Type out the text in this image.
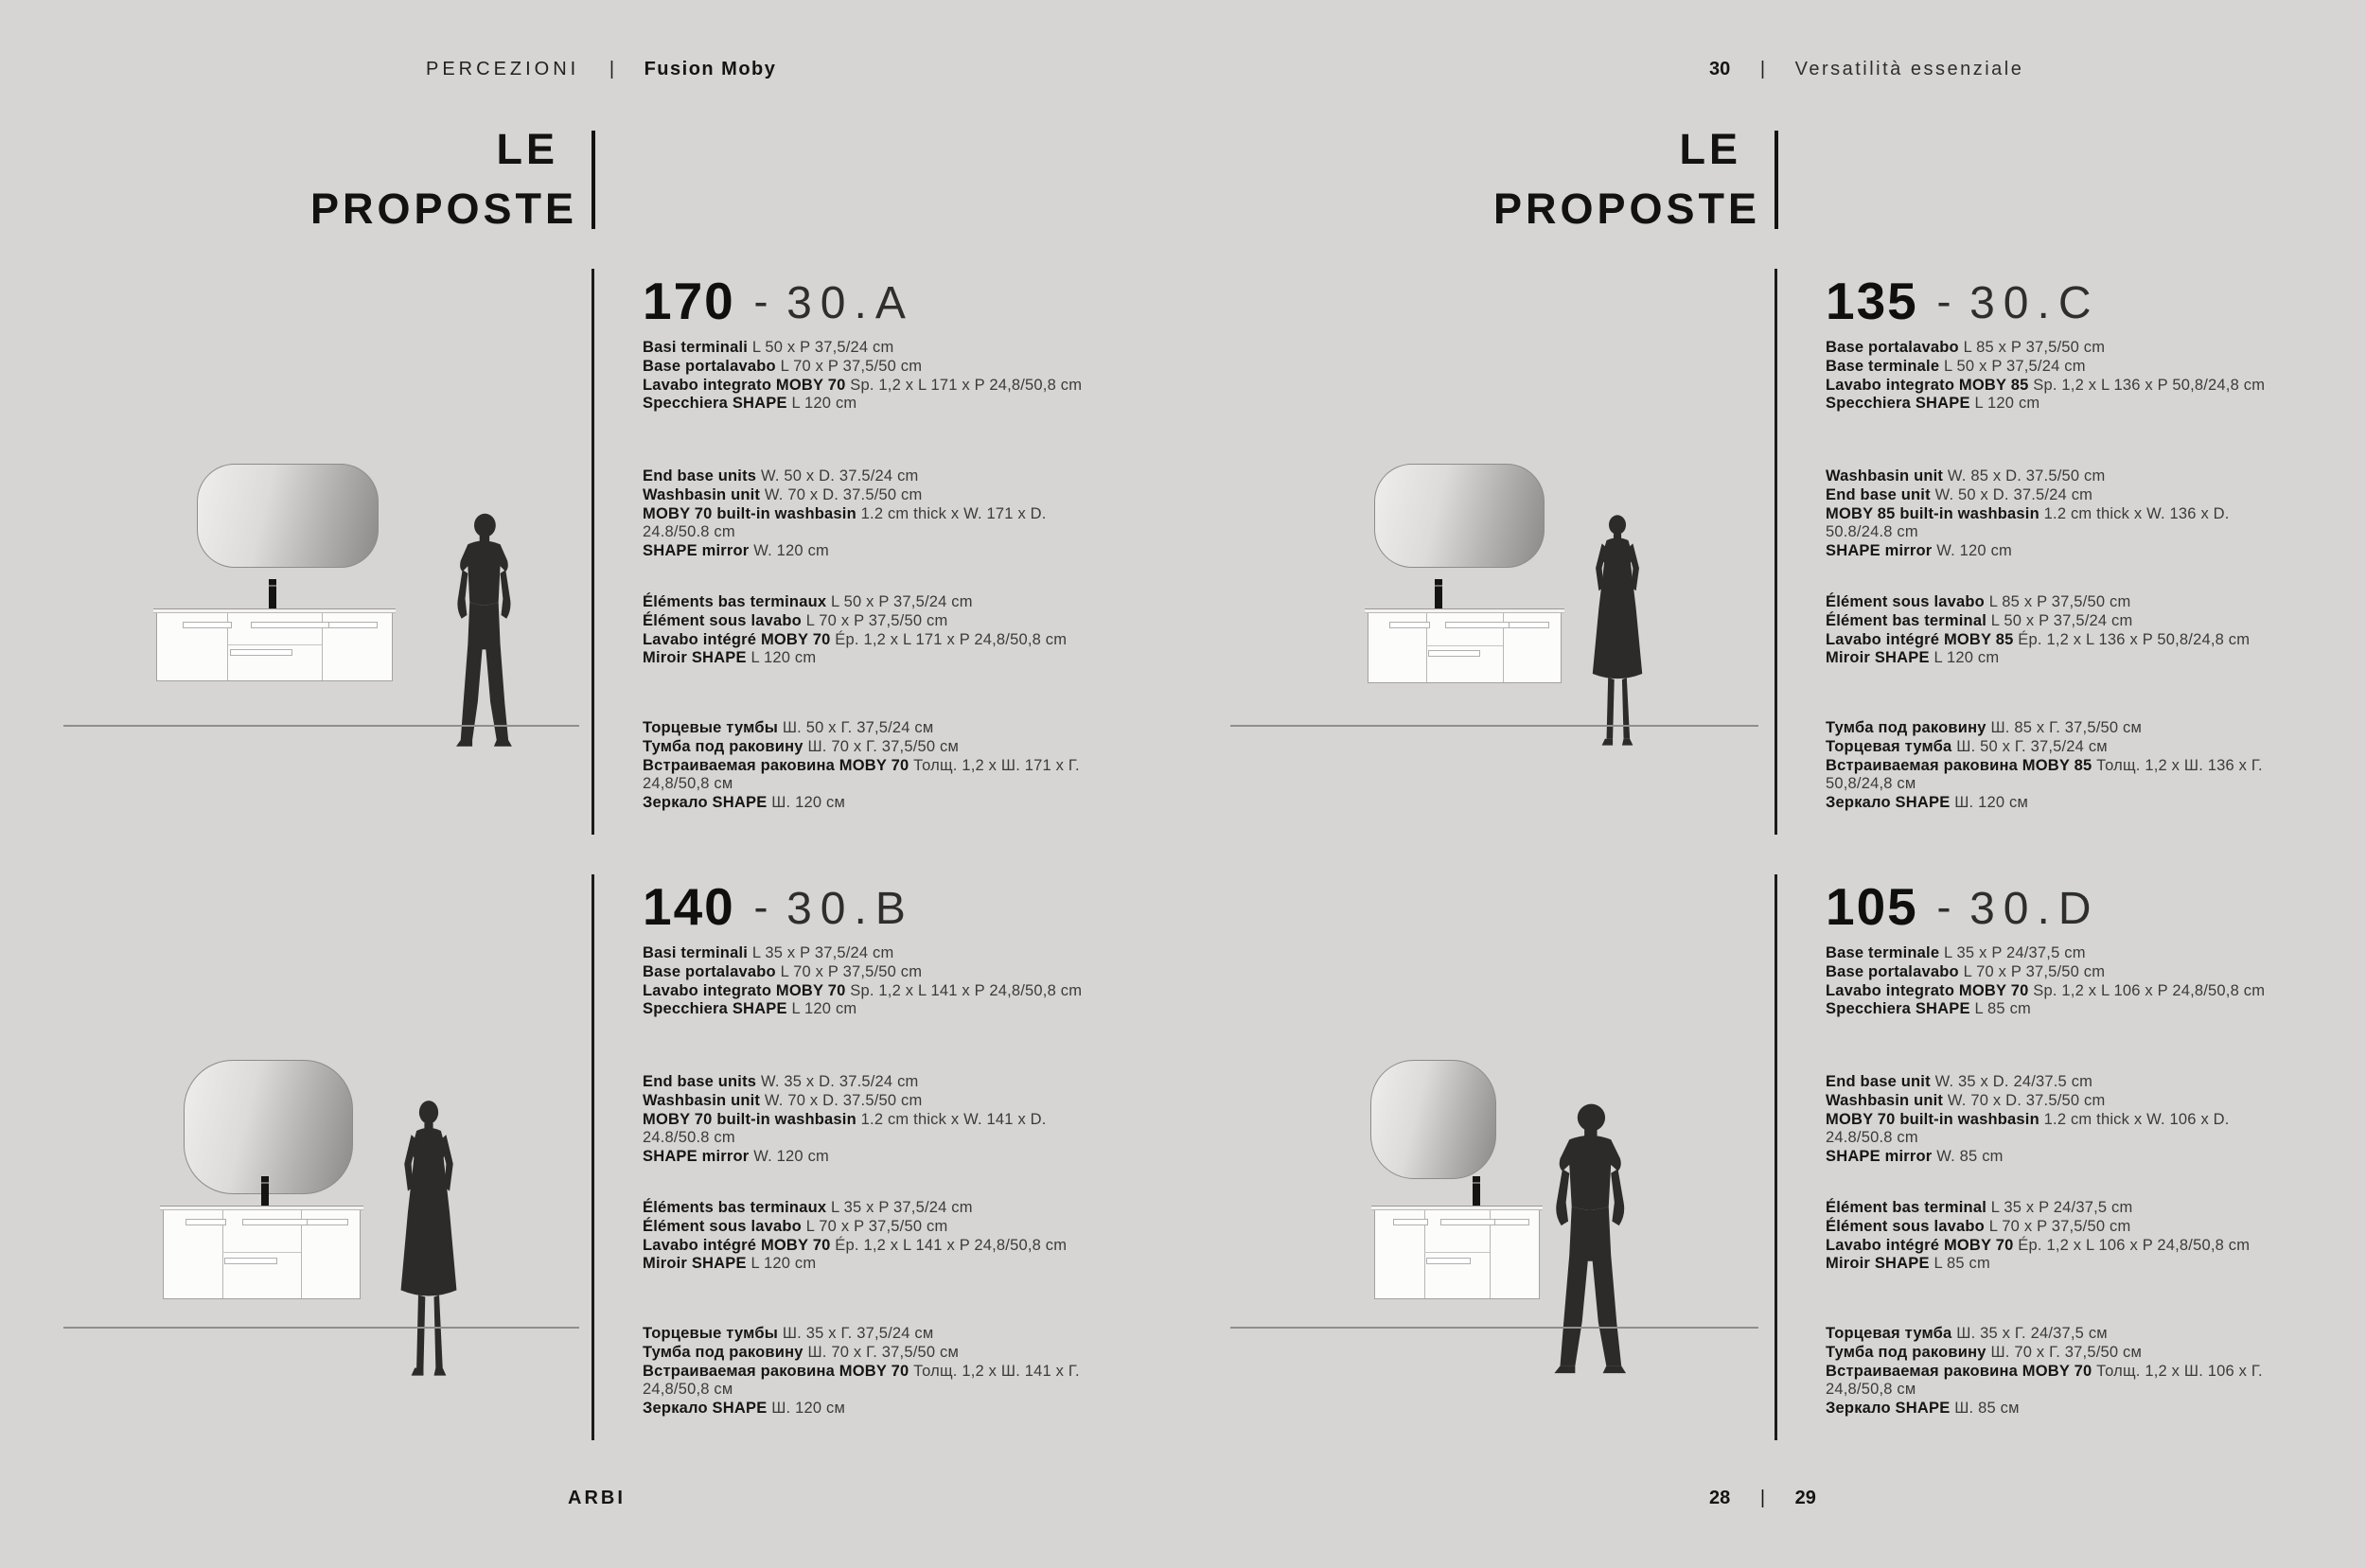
PERCEZIONI | Fusion Moby	30 | Versatilità essenziale
LE
PROPOSTE
LE
PROPOSTE
170 - 30.A

Basi terminali L 50 x P 37,5/24 cm

Base portalavabo L 70 x P 37,5/50 cm

Lavabo integrato MOBY 70 Sp. 1,2 x L 171 x P 24,8/50,8 cm

Specchiera SHAPE L 120 cm

End base units W. 50 x D. 37.5/24 cm

Washbasin unit W. 70 x D. 37.5/50 cm

MOBY 70 built-in washbasin 1.2 cm thick x W. 171 x D. 24.8/50.8 cm

SHAPE mirror W. 120 cm

Éléments bas terminaux L 50 x P 37,5/24 cm

Élément sous lavabo L 70 x P 37,5/50 cm

Lavabo intégré MOBY 70 Ép. 1,2 x L 171 x P 24,8/50,8 cm

Miroir SHAPE L 120 cm

Торцевые тумбы Ш. 50 х Г. 37,5/24 см

Тумба под раковину Ш. 70 х Г. 37,5/50 см

Встраиваемая раковина MOBY 70 Толщ. 1,2 х Ш. 171 х Г. 24,8/50,8 см

Зеркало SHAPE Ш. 120 см

140 - 30.B

Basi terminali L 35 x P 37,5/24 cm

Base portalavabo L 70 x P 37,5/50 cm

Lavabo integrato MOBY 70 Sp. 1,2 x L 141 x P 24,8/50,8 cm

Specchiera SHAPE L 120 cm

End base units W. 35 x D. 37.5/24 cm

Washbasin unit W. 70 x D. 37.5/50 cm

MOBY 70 built-in washbasin 1.2 cm thick x W. 141 x D. 24.8/50.8 cm

SHAPE mirror W. 120 cm

Éléments bas terminaux L 35 x P 37,5/24 cm

Élément sous lavabo L 70 x P 37,5/50 cm

Lavabo intégré MOBY 70 Ép. 1,2 x L 141 x P 24,8/50,8 cm

Miroir SHAPE L 120 cm

Торцевые тумбы Ш. 35 х Г. 37,5/24 см

Тумба под раковину Ш. 70 х Г. 37,5/50 см

Встраиваемая раковина MOBY 70 Толщ. 1,2 х Ш. 141 х Г. 24,8/50,8 см

Зеркало SHAPE Ш. 120 см

135 - 30.C

Base portalavabo L 85 x P 37,5/50 cm

Base terminale L 50 x P 37,5/24 cm

Lavabo integrato MOBY 85 Sp. 1,2 x L 136 x P 50,8/24,8 cm

Specchiera SHAPE L 120 cm

Washbasin unit W. 85 x D. 37.5/50 cm

End base unit W. 50 x D. 37.5/24 cm

MOBY 85 built-in washbasin 1.2 cm thick x W. 136 x D. 50.8/24.8 cm

SHAPE mirror W. 120 cm

Élément sous lavabo L 85 x P 37,5/50 cm

Élément bas terminal L 50 x P 37,5/24 cm

Lavabo intégré MOBY 85 Ép. 1,2 x L 136 x P 50,8/24,8 cm

Miroir SHAPE L 120 cm

Тумба под раковину Ш. 85 х Г. 37,5/50 см

Торцевая тумба Ш. 50 х Г. 37,5/24 см

Встраиваемая раковина MOBY 85 Толщ. 1,2 х Ш. 136 х Г. 50,8/24,8 см

Зеркало SHAPE Ш. 120 см

105 - 30.D

Base terminale L 35 x P 24/37,5 cm

Base portalavabo L 70 x P 37,5/50 cm

Lavabo integrato MOBY 70 Sp. 1,2 x L 106 x P 24,8/50,8 cm

Specchiera SHAPE L 85 cm

End base unit W. 35 x D. 24/37.5 cm

Washbasin unit W. 70 x D. 37.5/50 cm

MOBY 70 built-in washbasin 1.2 cm thick x W. 106 x D. 24.8/50.8 cm

SHAPE mirror W. 85 cm

Élément bas terminal L 35 x P 24/37,5 cm

Élément sous lavabo L 70 x P 37,5/50 cm

Lavabo intégré MOBY 70 Ép. 1,2 x L 106 x P 24,8/50,8 cm

Miroir SHAPE L 85 cm

Торцевая тумба Ш. 35 х Г. 24/37,5 см

Тумба под раковину Ш. 70 х Г. 37,5/50 см

Встраиваемая раковина MOBY 70 Толщ. 1,2 х Ш. 106 х Г. 24,8/50,8 см

Зеркало SHAPE Ш. 85 см

ARBI	28 | 29
